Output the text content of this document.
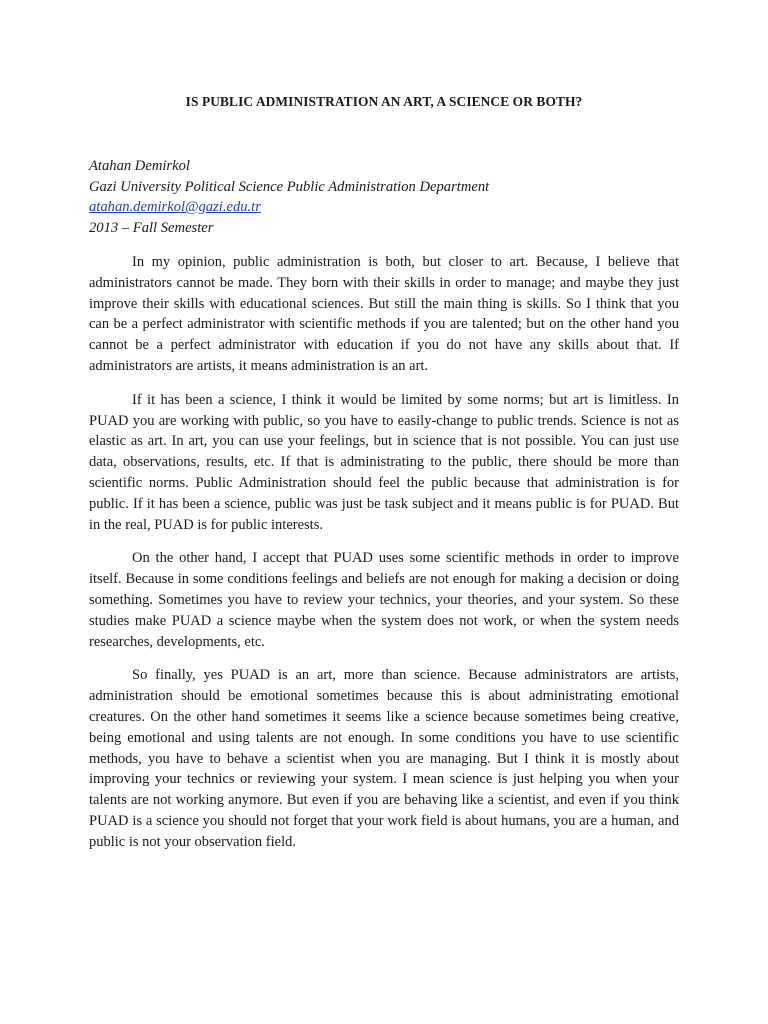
IS PUBLIC ADMINISTRATION AN ART, A SCIENCE OR BOTH?
Atahan Demirkol
Gazi University Political Science Public Administration Department
atahan.demirkol@gazi.edu.tr
2013 – Fall Semester

In my opinion, public administration is both, but closer to art. Because, I believe that administrators cannot be made. They born with their skills in order to manage; and maybe they just improve their skills with educational sciences. But still the main thing is skills. So I think that you can be a perfect administrator with scientific methods if you are talented; but on the other hand you cannot be a perfect administrator with education if you do not have any skills about that. If administrators are artists, it means administration is an art.

If it has been a science, I think it would be limited by some norms; but art is limitless. In PUAD you are working with public, so you have to easily-change to public trends. Science is not as elastic as art. In art, you can use your feelings, but in science that is not possible. You can just use data, observations, results, etc. If that is administrating to the public, there should be more than scientific norms. Public Administration should feel the public because that administration is for public. If it has been a science, public was just be task subject and it means public is for PUAD. But in the real, PUAD is for public interests.

On the other hand, I accept that PUAD uses some scientific methods in order to improve itself. Because in some conditions feelings and beliefs are not enough for making a decision or doing something. Sometimes you have to review your technics, your theories, and your system. So these studies make PUAD a science maybe when the system does not work, or when the system needs researches, developments, etc.

So finally, yes PUAD is an art, more than science. Because administrators are artists, administration should be emotional sometimes because this is about administrating emotional creatures. On the other hand sometimes it seems like a science because sometimes being creative, being emotional and using talents are not enough. In some conditions you have to use scientific methods, you have to behave a scientist when you are managing. But I think it is mostly about improving your technics or reviewing your system. I mean science is just helping you when your talents are not working anymore. But even if you are behaving like a scientist, and even if you think PUAD is a science you should not forget that your work field is about humans, you are a human, and public is not your observation field.
